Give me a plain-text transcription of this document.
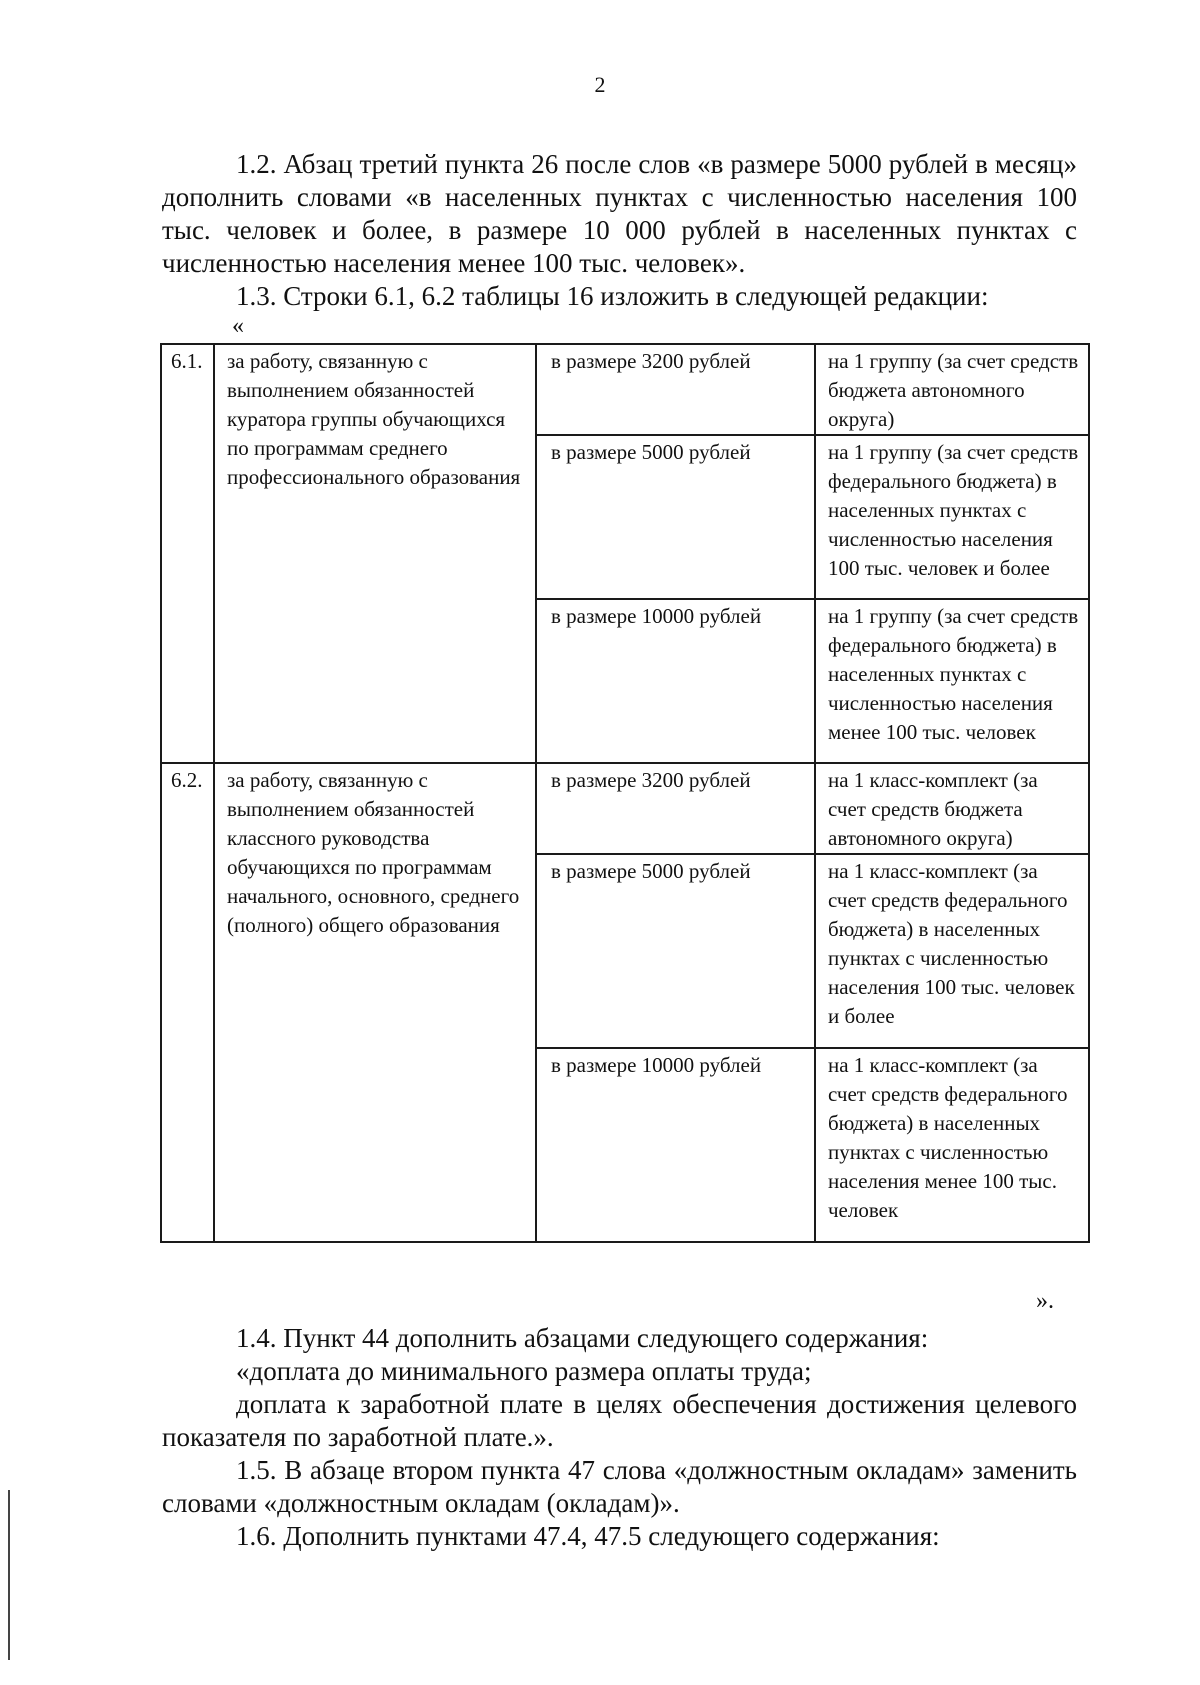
2

1.2. Абзац третий пункта 26 после слов «в размере 5000 рублей в месяц» дополнить словами «в населенных пунктах с численностью населения 100 тыс. человек и более, в размере 10 000 рублей в населенных пунктах с численностью населения менее 100 тыс. человек».

1.3. Строки 6.1, 6.2 таблицы 16 изложить в следующей редакции:

«
6.1.	за работу, связанную с выполнением обязанностей куратора группы обучающихся по программам среднего профессионального образования	в размере 3200 рублей	на 1 группу (за счет средств бюджета автономного округа)
		в размере 5000 рублей	на 1 группу (за счет средств федерального бюджета) в населенных пунктах с численностью населения 100 тыс. человек и более
		в размере 10000 рублей	на 1 группу (за счет средств федерального бюджета) в населенных пунктах с численностью населения менее 100 тыс. человек
6.2.	за работу, связанную с выполнением обязанностей классного руководства обучающихся по программам начального, основного, среднего (полного) общего образования	в размере 3200 рублей	на 1 класс-комплект (за счет средств бюджета автономного округа)
		в размере 5000 рублей	на 1 класс-комплект (за счет средств федерального бюджета) в населенных пунктах с численностью населения 100 тыс. человек и более
		в размере 10000 рублей	на 1 класс-комплект (за счет средств федерального бюджета) в населенных пунктах с численностью населения менее 100 тыс. человек
».

1.4. Пункт 44 дополнить абзацами следующего содержания:

«доплата до минимального размера оплаты труда;

доплата к заработной плате в целях обеспечения достижения целевого показателя по заработной плате.».

1.5. В абзаце втором пункта 47 слова «должностным окладам» заменить словами «должностным окладам (окладам)».

1.6. Дополнить пунктами 47.4, 47.5 следующего содержания:
